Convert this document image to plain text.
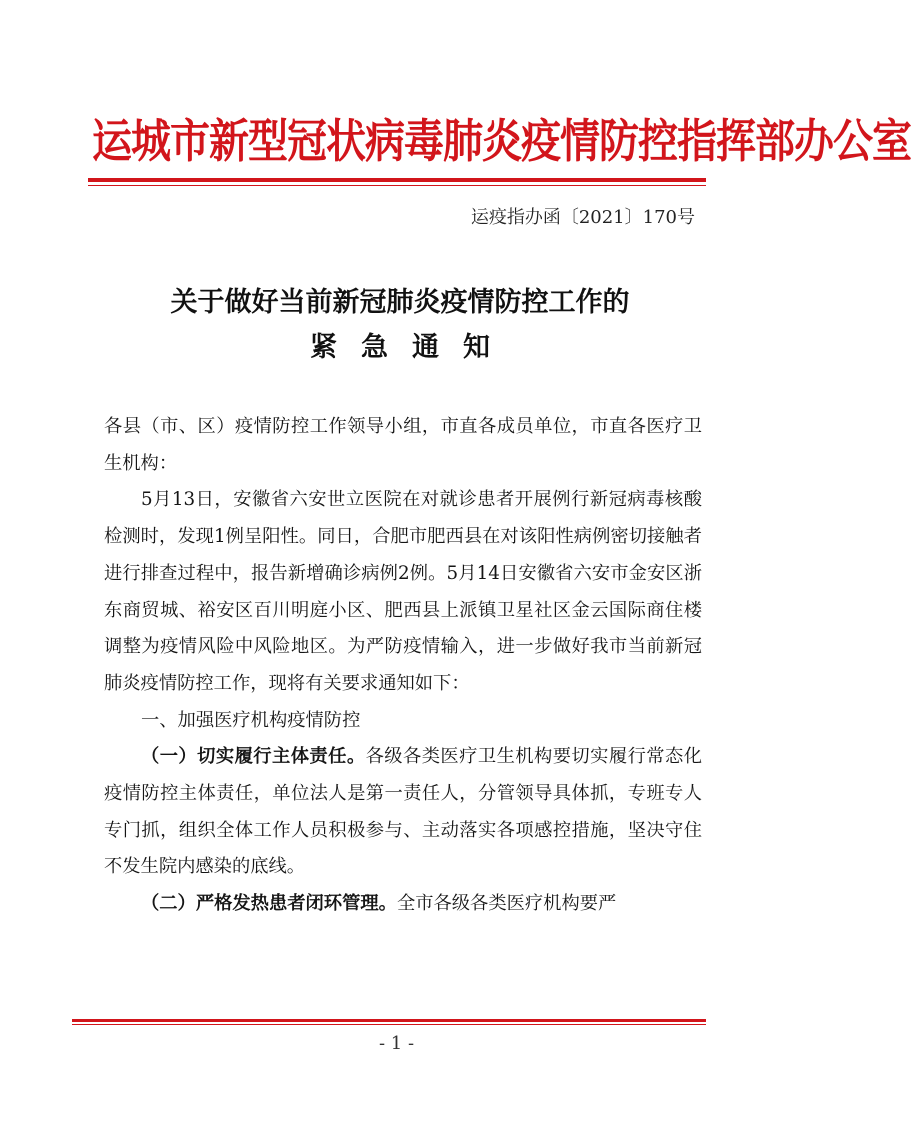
运城市新型冠状病毒肺炎疫情防控指挥部办公室
运疫指办函〔2021〕170号
关于做好当前新冠肺炎疫情防控工作的
紧急通知

各县（市、区）疫情防控工作领导小组，市直各成员单位，市直各医疗卫生机构：

5月13日，安徽省六安世立医院在对就诊患者开展例行新冠病毒核酸检测时，发现1例呈阳性。同日，合肥市肥西县在对该阳性病例密切接触者进行排查过程中，报告新增确诊病例2例。5月14日安徽省六安市金安区浙东商贸城、裕安区百川明庭小区、肥西县上派镇卫星社区金云国际商住楼调整为疫情风险中风险地区。为严防疫情输入，进一步做好我市当前新冠肺炎疫情防控工作，现将有关要求通知如下：

一、加强医疗机构疫情防控

（一）切实履行主体责任。各级各类医疗卫生机构要切实履行常态化疫情防控主体责任，单位法人是第一责任人，分管领导具体抓，专班专人专门抓，组织全体工作人员积极参与、主动落实各项感控措施，坚决守住不发生院内感染的底线。

（二）严格发热患者闭环管理。全市各级各类医疗机构要严

- 1 -
